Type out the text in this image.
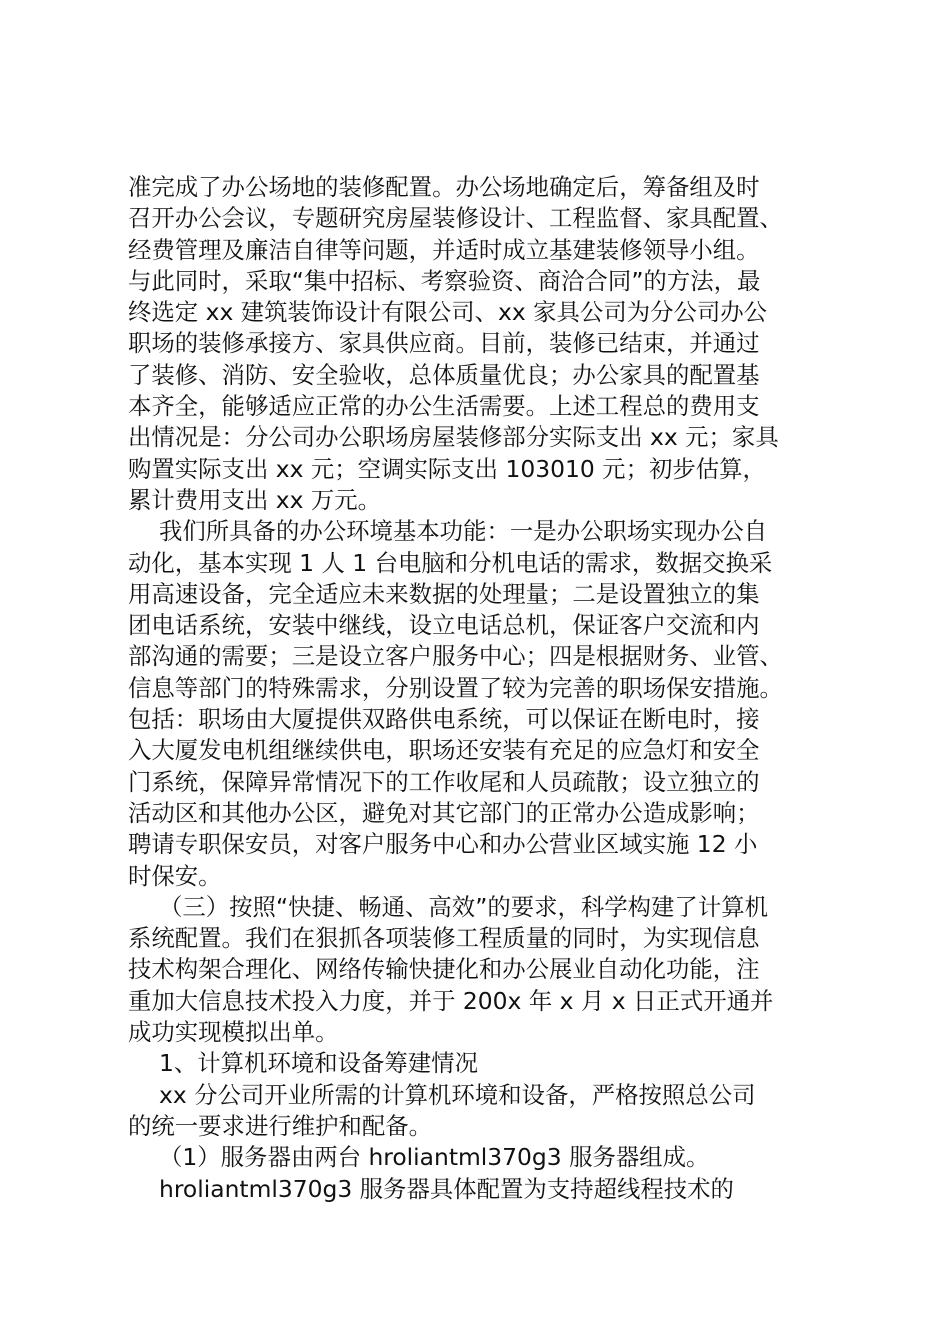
准完成了办公场地的装修配置。办公场地确定后，筹备组及时
召开办公会议，专题研究房屋装修设计、工程监督、家具配置、
经费管理及廉洁自律等问题，并适时成立基建装修领导小组。
与此同时，采取“集中招标、考察验资、商洽合同”的方法，最
终选定 xx 建筑装饰设计有限公司、xx 家具公司为分公司办公
职场的装修承接方、家具供应商。目前，装修已结束，并通过
了装修、消防、安全验收，总体质量优良；办公家具的配置基
本齐全，能够适应正常的办公生活需要。上述工程总的费用支
出情况是：分公司办公职场房屋装修部分实际支出 xx 元；家具
购置实际支出 xx 元；空调实际支出 103010 元；初步估算，
累计费用支出 xx 万元。
我们所具备的办公环境基本功能：一是办公职场实现办公自
动化，基本实现 1 人 1 台电脑和分机电话的需求，数据交换采
用高速设备，完全适应未来数据的处理量；二是设置独立的集
团电话系统，安装中继线，设立电话总机，保证客户交流和内
部沟通的需要；三是设立客户服务中心；四是根据财务、业管、
信息等部门的特殊需求，分别设置了较为完善的职场保安措施。
包括：职场由大厦提供双路供电系统，可以保证在断电时，接
入大厦发电机组继续供电，职场还安装有充足的应急灯和安全
门系统，保障异常情况下的工作收尾和人员疏散；设立独立的
活动区和其他办公区，避免对其它部门的正常办公造成影响；
聘请专职保安员，对客户服务中心和办公营业区域实施 12 小
时保安。
（三）按照“快捷、畅通、高效”的要求，科学构建了计算机
系统配置。我们在狠抓各项装修工程质量的同时，为实现信息
技术构架合理化、网络传输快捷化和办公展业自动化功能，注
重加大信息技术投入力度，并于 200x 年 x 月 x 日正式开通并
成功实现模拟出单。
1、计算机环境和设备筹建情况
xx 分公司开业所需的计算机环境和设备，严格按照总公司
的统一要求进行维护和配备。
（1）服务器由两台 hroliantml370g3 服务器组成。
hroliantml370g3 服务器具体配置为支持超线程技术的
